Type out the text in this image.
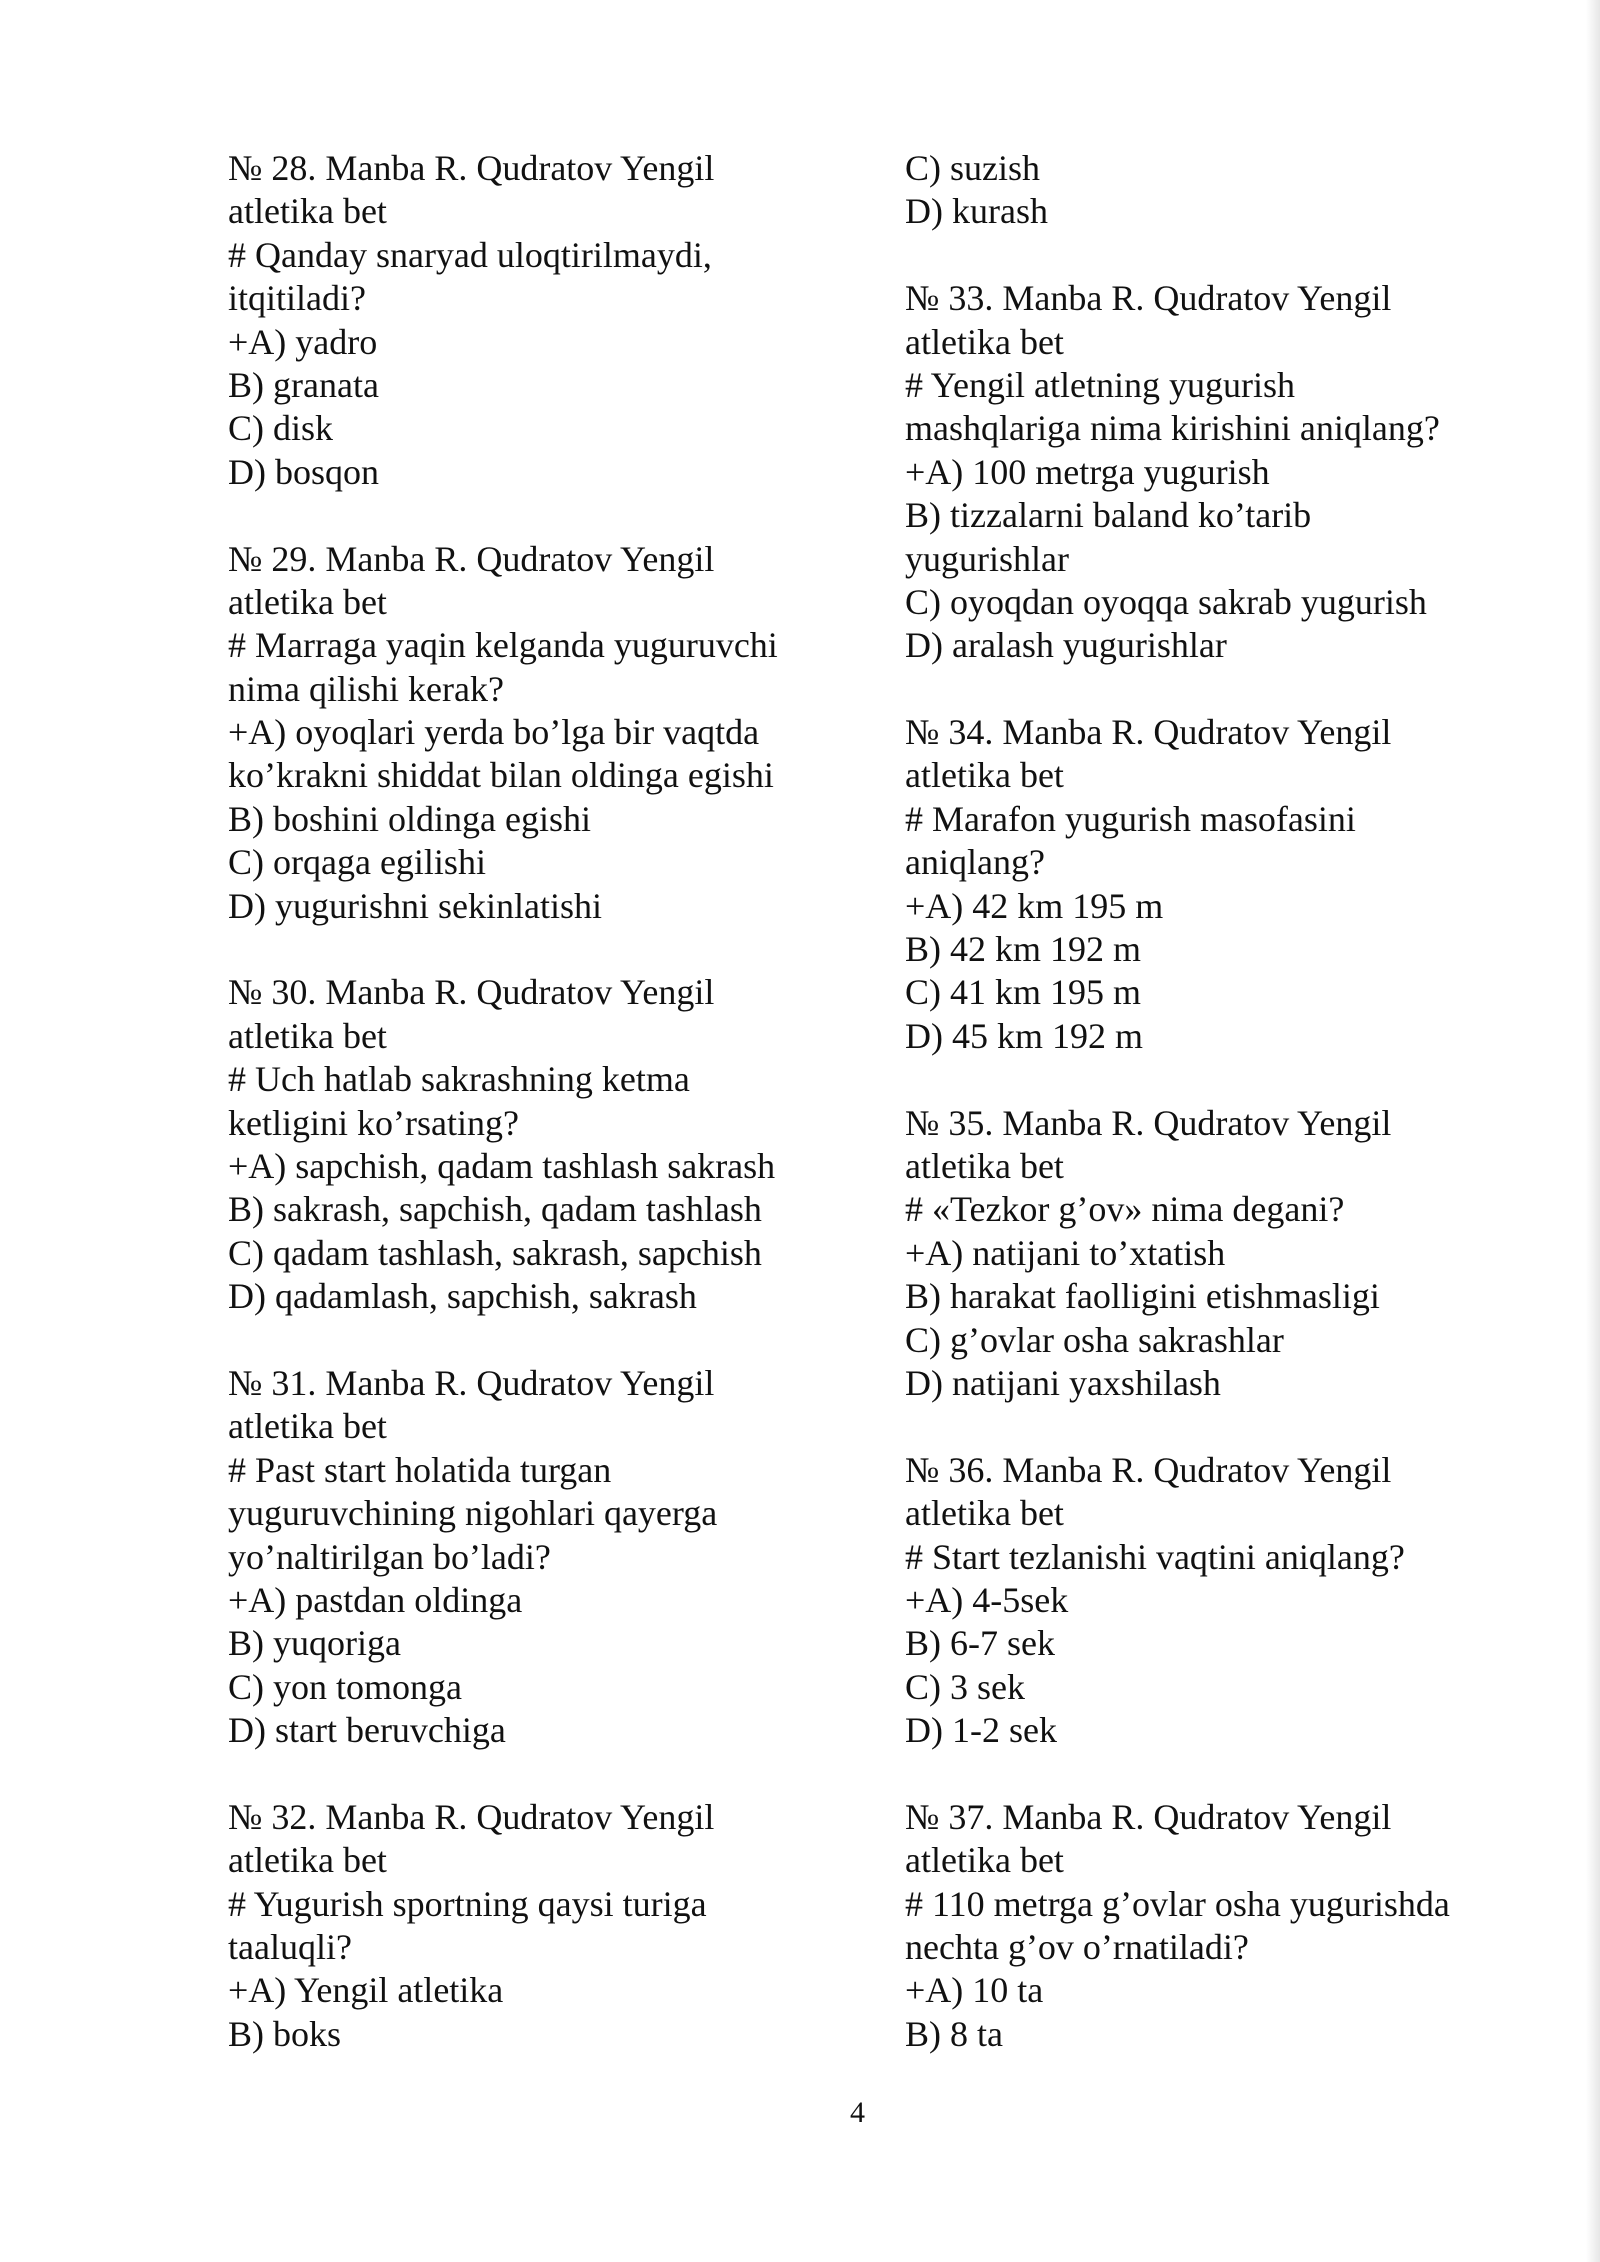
№ 28. Manba R. Qudratov Yengil
atletika bet
# Qanday snaryad uloqtirilmaydi,
itqitiladi?
+A) yadro
B) granata
C) disk
D) bosqon
№ 29. Manba R. Qudratov Yengil
atletika bet
# Marraga yaqin kelganda yuguruvchi
nima qilishi kerak?
+A) oyoqlari yerda bo’lga bir vaqtda
ko’krakni shiddat bilan oldinga egishi
B) boshini oldinga egishi
C) orqaga egilishi
D) yugurishni sekinlatishi
№ 30. Manba R. Qudratov Yengil
atletika bet
# Uch hatlab sakrashning ketma
ketligini ko’rsating?
+A) sapchish, qadam tashlash sakrash
B) sakrash, sapchish, qadam tashlash
C) qadam tashlash, sakrash, sapchish
D) qadamlash, sapchish, sakrash
№ 31. Manba R. Qudratov Yengil
atletika bet
# Past start holatida turgan
yuguruvchining nigohlari qayerga
yo’naltirilgan bo’ladi?
+A) pastdan oldinga
B) yuqoriga
C) yon tomonga
D) start beruvchiga
№ 32. Manba R. Qudratov Yengil
atletika bet
# Yugurish sportning qaysi turiga
taaluqli?
+A) Yengil atletika
B) boks
C) suzish
D) kurash
№ 33. Manba R. Qudratov Yengil
atletika bet
# Yengil atletning yugurish
mashqlariga nima kirishini aniqlang?
+A) 100 metrga yugurish
B) tizzalarni baland ko’tarib
yugurishlar
C) oyoqdan oyoqqa sakrab yugurish
D) aralash yugurishlar
№ 34. Manba R. Qudratov Yengil
atletika bet
# Marafon yugurish masofasini
aniqlang?
+A) 42 km 195 m
B) 42 km 192 m
C) 41 km 195 m
D) 45 km 192 m
№ 35. Manba R. Qudratov Yengil
atletika bet
# «Tezkor g’ov» nima degani?
+A) natijani to’xtatish
B) harakat faolligini etishmasligi
C) g’ovlar osha sakrashlar
D) natijani yaxshilash
№ 36. Manba R. Qudratov Yengil
atletika bet
# Start tezlanishi vaqtini aniqlang?
+A) 4-5sek
B) 6-7 sek
C) 3 sek
D) 1-2 sek
№ 37. Manba R. Qudratov Yengil
atletika bet
# 110 metrga g’ovlar osha yugurishda
nechta g’ov o’rnatiladi?
+A) 10 ta
B) 8 ta
4
